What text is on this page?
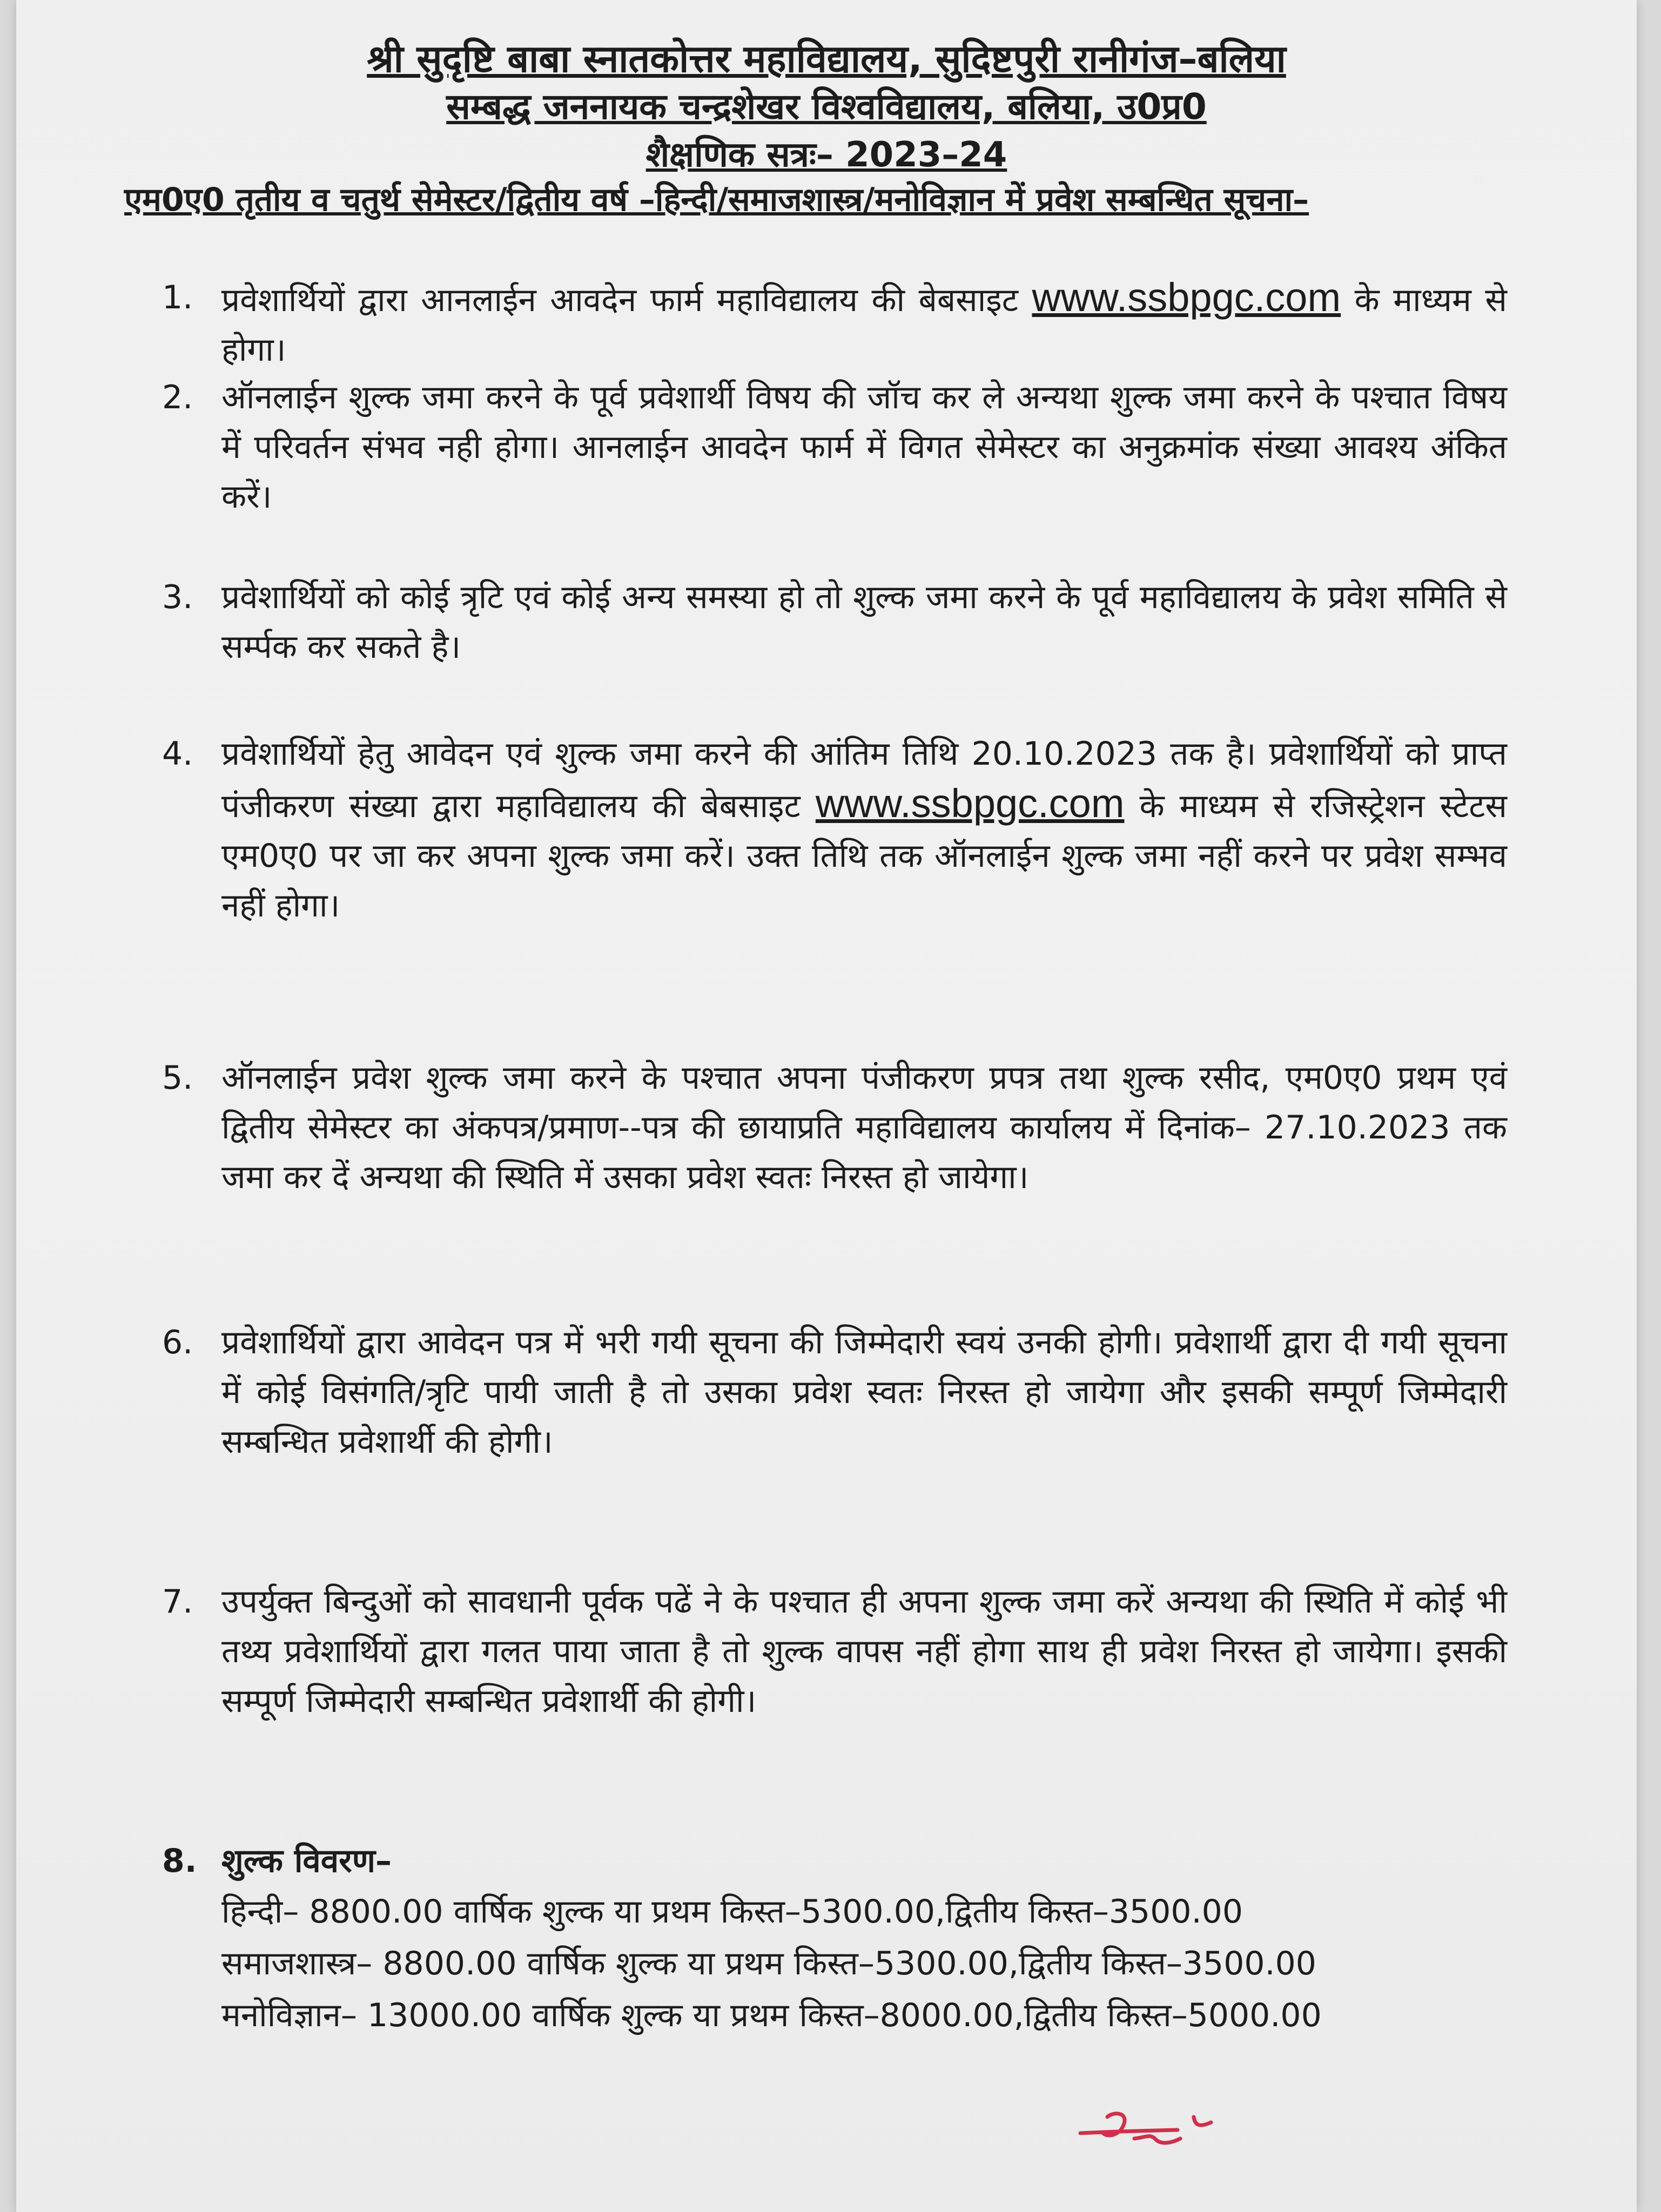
श्री सुदृष्टि बाबा स्नातकोत्तर महाविद्यालय, सुदिष्टपुरी रानीगंज–बलिया
सम्बद्ध जननायक चन्द्रशेखर विश्वविद्यालय, बलिया, उ0प्र0
शैक्षणिक सत्रः– 2023–24
एम0ए0 तृतीय व चतुर्थ सेमेस्टर/द्वितीय वर्ष –हिन्दी/समाजशास्त्र/मनोविज्ञान में प्रवेश सम्बन्धित सूचना–
1. प्रवेशार्थियों द्वारा आनलाईन आवदेन फार्म महाविद्यालय की बेबसाइट www.ssbpgc.com के माध्यम से होगा।
2. ऑनलाईन शुल्क जमा करने के पूर्व प्रवेशार्थी विषय की जॉच कर ले अन्यथा शुल्क जमा करने के पश्चात विषय में परिवर्तन संभव नही होगा। आनलाईन आवदेन फार्म में विगत सेमेस्टर का अनुक्रमांक संख्या आवश्य अंकित करें।
3. प्रवेशार्थियों को कोई त्रृटि एवं कोई अन्य समस्या हो तो शुल्क जमा करने के पूर्व महाविद्यालय के प्रवेश समिति से सर्म्पक कर सकते है।
4. प्रवेशार्थियों हेतु आवेदन एवं शुल्क जमा करने की आंतिम तिथि 20.10.2023 तक है। प्रवेशार्थियों को प्राप्त पंजीकरण संख्या द्वारा महाविद्यालय की बेबसाइट www.ssbpgc.com के माध्यम से रजिस्ट्रेशन स्टेटस एम0ए0 पर जा कर अपना शुल्क जमा करें। उक्त तिथि तक ऑनलाईन शुल्क जमा नहीं करने पर प्रवेश सम्भव नहीं होगा।
5. ऑनलाईन प्रवेश शुल्क जमा करने के पश्चात अपना पंजीकरण प्रपत्र तथा शुल्क रसीद, एम0ए0 प्रथम एवं द्वितीय सेमेस्टर का अंकपत्र/प्रमाण--पत्र की छायाप्रति महाविद्यालय कार्यालय में दिनांक– 27.10.2023 तक जमा कर दें अन्यथा की स्थिति में उसका प्रवेश स्वतः निरस्त हो जायेगा।
6. प्रवेशार्थियों द्वारा आवेदन पत्र में भरी गयी सूचना की जिम्मेदारी स्वयं उनकी होगी। प्रवेशार्थी द्वारा दी गयी सूचना में कोई विसंगति/त्रृटि पायी जाती है तो उसका प्रवेश स्वतः निरस्त हो जायेगा और इसकी सम्पूर्ण जिम्मेदारी सम्बन्धित प्रवेशार्थी की होगी।
7. उपर्युक्त बिन्दुओं को सावधानी पूर्वक पढें ने के पश्चात ही अपना शुल्क जमा करें अन्यथा की स्थिति में कोई भी तथ्य प्रवेशार्थियों द्वारा गलत पाया जाता है तो शुल्क वापस नहीं होगा साथ ही प्रवेश निरस्त हो जायेगा। इसकी सम्पूर्ण जिम्मेदारी सम्बन्धित प्रवेशार्थी की होगी।
8. शुल्क विवरण–
हिन्दी– 8800.00 वार्षिक शुल्क या प्रथम किस्त–5300.00,द्वितीय किस्त–3500.00
समाजशास्त्र– 8800.00 वार्षिक शुल्क या प्रथम किस्त–5300.00,द्वितीय किस्त–3500.00
मनोविज्ञान– 13000.00 वार्षिक शुल्क या प्रथम किस्त–8000.00,द्वितीय किस्त–5000.00
